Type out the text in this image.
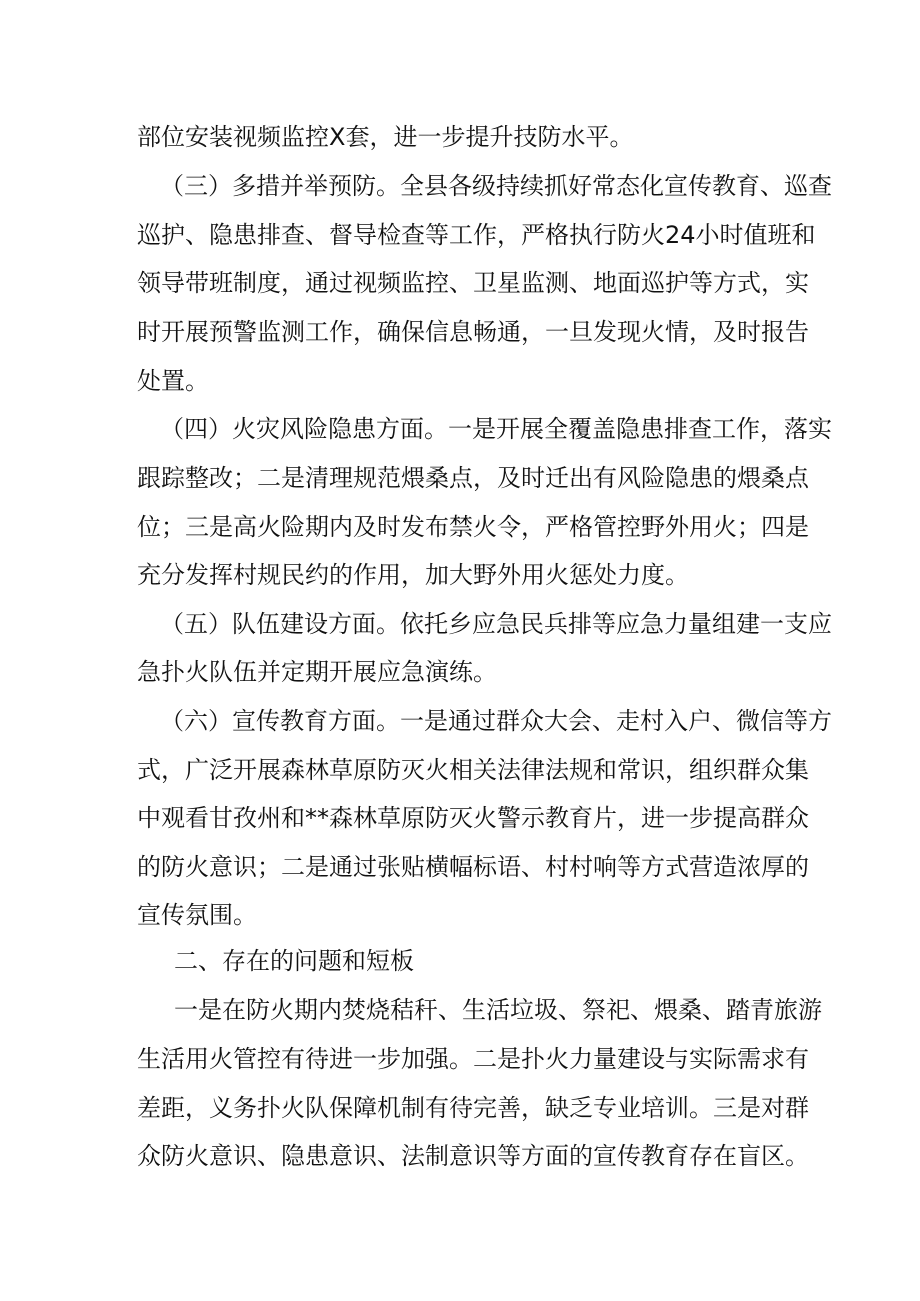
部位安装视频监控X套，进一步提升技防水平。
（三）多措并举预防。全县各级持续抓好常态化宣传教育、巡查
巡护、隐患排查、督导检查等工作，严格执行防火24小时值班和
领导带班制度，通过视频监控、卫星监测、地面巡护等方式，实
时开展预警监测工作，确保信息畅通，一旦发现火情，及时报告
处置。
（四）火灾风险隐患方面。一是开展全覆盖隐患排查工作，落实
跟踪整改；二是清理规范煨桑点，及时迁出有风险隐患的煨桑点
位；三是高火险期内及时发布禁火令，严格管控野外用火；四是
充分发挥村规民约的作用，加大野外用火惩处力度。
（五）队伍建设方面。依托乡应急民兵排等应急力量组建一支应
急扑火队伍并定期开展应急演练。
（六）宣传教育方面。一是通过群众大会、走村入户、微信等方
式，广泛开展森林草原防灭火相关法律法规和常识，组织群众集
中观看甘孜州和**森林草原防灭火警示教育片，进一步提高群众
的防火意识；二是通过张贴横幅标语、村村响等方式营造浓厚的
宣传氛围。
二、存在的问题和短板
一是在防火期内焚烧秸秆、生活垃圾、祭祀、煨桑、踏青旅游
生活用火管控有待进一步加强。二是扑火力量建设与实际需求有
差距，义务扑火队保障机制有待完善，缺乏专业培训。三是对群
众防火意识、隐患意识、法制意识等方面的宣传教育存在盲区。
